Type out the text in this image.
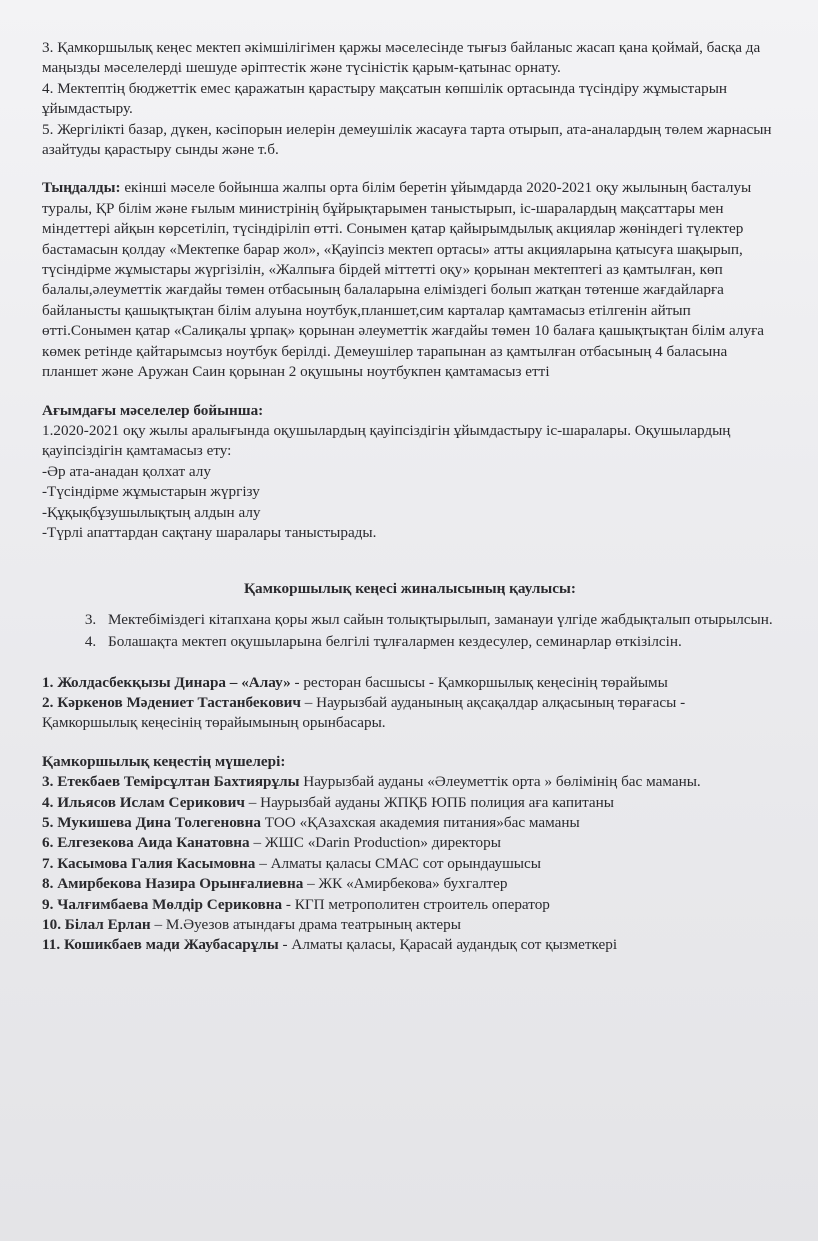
3. Қамкоршылық кеңес мектеп әкімшілігімен қаржы мәселесінде тығыз байланыс жасап қана қоймай, басқа да маңызды мәселелерді шешуде әріптестік және түсіністік қарым-қатынас орнату.

4. Мектептің бюджеттік емес қаражатын қарастыру мақсатын көпшілік ортасында түсіндіру жұмыстарын ұйымдастыру.

5. Жергілікті базар, дүкен, кәсіпорын иелерін демеушілік жасауға тарта отырып, ата-аналардың төлем жарнасын азайтуды қарастыру сынды және т.б.

Тыңдалды: екінші мәселе бойынша жалпы орта білім беретін ұйымдарда 2020-2021 оқу жылының басталуы туралы, ҚР білім және ғылым министрінің бұйрықтарымен таныстырып, іс-шаралардың мақсаттары мен міндеттері айқын көрсетіліп, түсіндіріліп өтті. Сонымен қатар қайырымдылық акциялар жөніндегі түлектер бастамасын қолдау «Мектепке барар жол», «Қауіпсіз мектеп ортасы» атты акцияларына қатысуға шақырып, түсіндірме жұмыстары жүргізілін, «Жалпыға бірдей міттетті оқу» қорынан мектептегі аз қамтылған, көп балалы,әлеуметтік жағдайы төмен отбасының балаларына еліміздегі болып жатқан төтенше жағдайларға байланысты қашықтықтан білім алуына ноутбук,планшет,сим карталар қамтамасыз етілгенін айтып өтті.Сонымен қатар «Салиқалы ұрпақ» қорынан әлеуметтік жағдайы төмен 10 балаға қашықтықтан білім алуға көмек ретінде қайтарымсыз ноутбук берілді. Демеушілер тарапынан аз қамтылған отбасының 4 баласына планшет және Аружан Саин қорынан 2 оқушыны ноутбукпен қамтамасыз етті

Ағымдағы мәселелер бойынша:

1.2020-2021 оқу жылы аралығында оқушылардың қауіпсіздігін ұйымдастыру іс-шаралары. Оқушылардың қауіпсіздігін қамтамасыз ету:

-Әр ата-анадан қолхат алу

-Түсіндірме жұмыстарын жүргізу

-Құқықбұзушылықтың алдын алу

-Түрлі апаттардан сақтану шаралары таныстырады.

Қамкоршылық кеңесі жиналысының қаулысы:

3. Мектебіміздегі кітапхана қоры жыл сайын толықтырылып, заманауи үлгіде жабдықталып отырылсын.
4. Болашақта мектеп оқушыларына белгілі тұлғалармен кездесулер, семинарлар өткізілсін.

1. Жолдасбекқызы Динара – «Алау» - ресторан басшысы - Қамкоршылық кеңесінің төрайымы

2. Кәркенов Мәдениет Тастанбекович – Наурызбай ауданының ақсақалдар алқасының төрағасы - Қамкоршылық кеңесінің төрайымының орынбасары.

Қамкоршылық кеңестің мүшелері:

3. Етекбаев Темірсұлтан Бахтиярұлы Наурызбай ауданы «Әлеуметтік орта » бөлімінің бас маманы.

4. Ильясов Ислам Серикович – Наурызбай ауданы ЖПҚБ ЮПБ полиция аға капитаны

5. Мукишева Дина Толегеновна ТОО «ҚАзахская академия питания»бас маманы

6. Елгезекова Аида Канатовна – ЖШС «Darin Production» директоры

7. Касымова Галия Касымовна – Алматы қаласы СМАС сот орындаушысы

8. Амирбекова Назира Орынғалиевна – ЖК «Амирбекова» бухгалтер

9. Чалғимбаева Мөлдір Сериковна - КГП метрополитен строитель оператор

10. Білал Ерлан – М.Әуезов атындағы драма театрының актеры

11. Кошикбаев мади Жаубасарұлы - Алматы қаласы, Қарасай аудандық сот қызметкері
